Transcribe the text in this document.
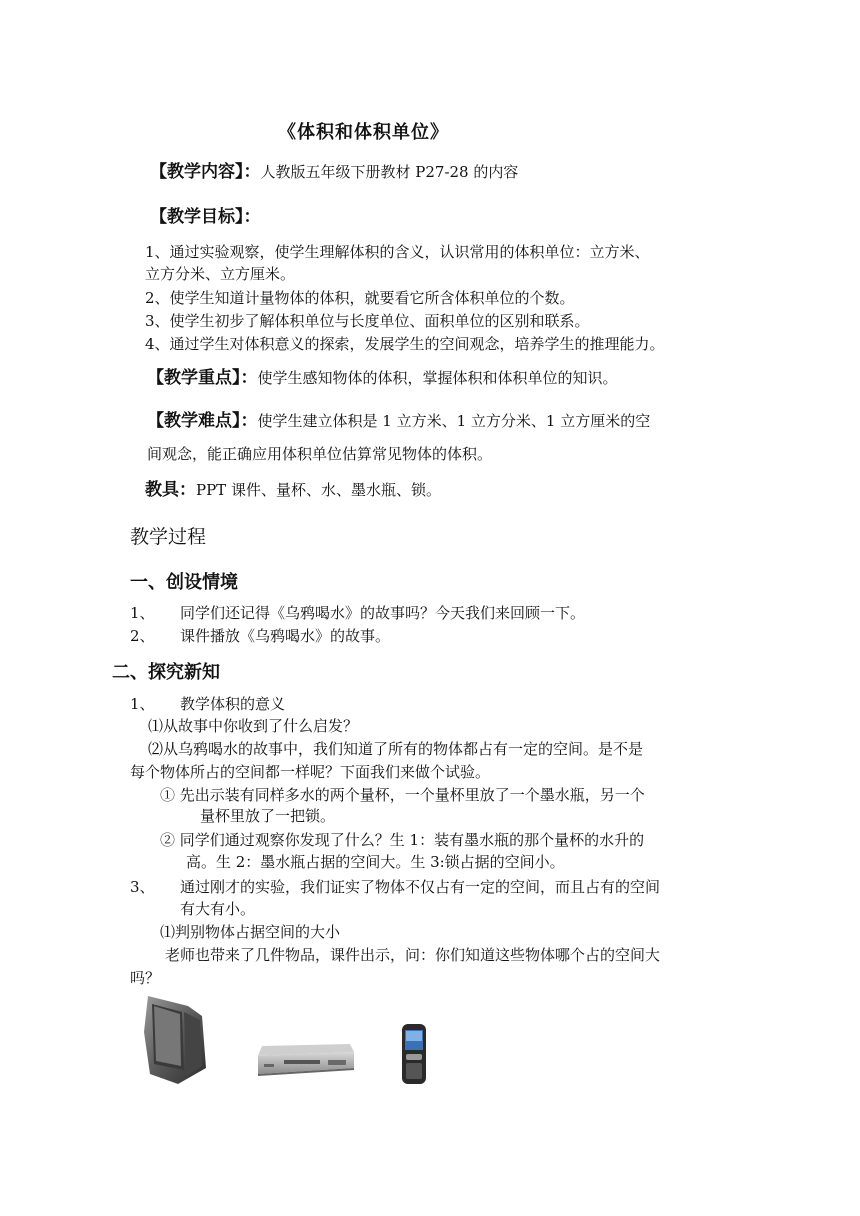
《体积和体积单位》
【教学内容】：人教版五年级下册教材 P27-28 的内容
【教学目标】：
1、通过实验观察，使学生理解体积的含义，认识常用的体积单位：立方米、
立方分米、立方厘米。
2、使学生知道计量物体的体积，就要看它所含体积单位的个数。
3、使学生初步了解体积单位与长度单位、面积单位的区别和联系。
4、通过学生对体积意义的探索，发展学生的空间观念，培养学生的推理能力。
【教学重点】：使学生感知物体的体积，掌握体积和体积单位的知识。
【教学难点】：使学生建立体积是 1 立方米、1 立方分米、1 立方厘米的空
间观念，能正确应用体积单位估算常见物体的体积。
教具：PPT 课件、量杯、水、墨水瓶、锁。
教学过程
一、创设情境
1、 同学们还记得《乌鸦喝水》的故事吗？今天我们来回顾一下。
2、 课件播放《乌鸦喝水》的故事。
二、探究新知
1、 教学体积的意义
⑴从故事中你收到了什么启发？
⑵从乌鸦喝水的故事中，我们知道了所有的物体都占有一定的空间。是不是
每个物体所占的空间都一样呢？下面我们来做个试验。
① 先出示装有同样多水的两个量杯，一个量杯里放了一个墨水瓶，另一个
量杯里放了一把锁。
② 同学们通过观察你发现了什么？生 1：装有墨水瓶的那个量杯的水升的
高。生 2：墨水瓶占据的空间大。生 3:锁占据的空间小。
3、 通过刚才的实验，我们证实了物体不仅占有一定的空间，而且占有的空间
有大有小。
⑴判别物体占据空间的大小
老师也带来了几件物品，课件出示，问：你们知道这些物体哪个占的空间大
吗？
